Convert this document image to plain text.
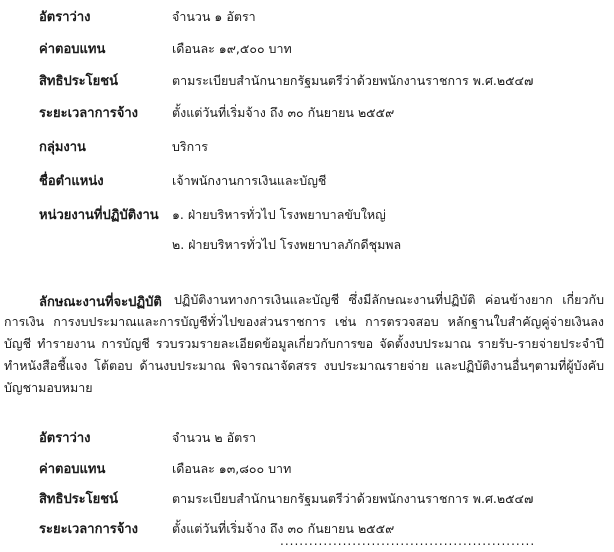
อัตราว่าง	จำนวน ๑ อัตรา
ค่าตอบแทน	เดือนละ ๑๙,๕๐๐ บาท
สิทธิประโยชน์	ตามระเบียบสำนักนายกรัฐมนตรีว่าด้วยพนักงานราชการ พ.ศ.๒๕๔๗
ระยะเวลาการจ้าง	ตั้งแต่วันที่เริ่มจ้าง ถึง ๓๐ กันยายน ๒๕๕๙
กลุ่มงาน	บริการ
ชื่อตำแหน่ง	เจ้าพนักงานการเงินและบัญชี
หน่วยงานที่ปฏิบัติงาน ๑. ฝ่ายบริหารทั่วไป โรงพยาบาลขับใหญ่
๒. ฝ่ายบริหารทั่วไป โรงพยาบาลภักดีชุมพล
ลักษณะงานที่จะปฏิบัติ ปฏิบัติงานทางการเงินและบัญชี ซึ่งมีลักษณะงานที่ปฏิบัติ ค่อนข้างยาก เกี่ยวกับการเงิน การงบประมาณและการบัญชีทั่วไปของส่วนราชการ เช่น การตรวจสอบ หลักฐานใบสำคัญคู่จ่ายเงินลงบัญชี ทำรายงาน การบัญชี รวบรวมรายละเอียดข้อมูลเกี่ยวกับการขอ จัดตั้งงบประมาณ รายรับ-รายจ่ายประจำปี ทำหนังสือชี้แจง โต้ตอบ ด้านงบประมาณ พิจารณาจัดสรร งบประมาณรายจ่าย และปฏิบัติงานอื่นๆตามที่ผู้บังคับบัญชามอบหมาย

อัตราว่าง	จำนวน ๒ อัตรา
ค่าตอบแทน	เดือนละ ๑๓,๘๐๐ บาท
สิทธิประโยชน์	ตามระเบียบสำนักนายกรัฐมนตรีว่าด้วยพนักงานราชการ พ.ศ.๒๕๔๗
ระยะเวลาการจ้าง	ตั้งแต่วันที่เริ่มจ้าง ถึง ๓๐ กันยายน ๒๕๕๙
.....................................................
